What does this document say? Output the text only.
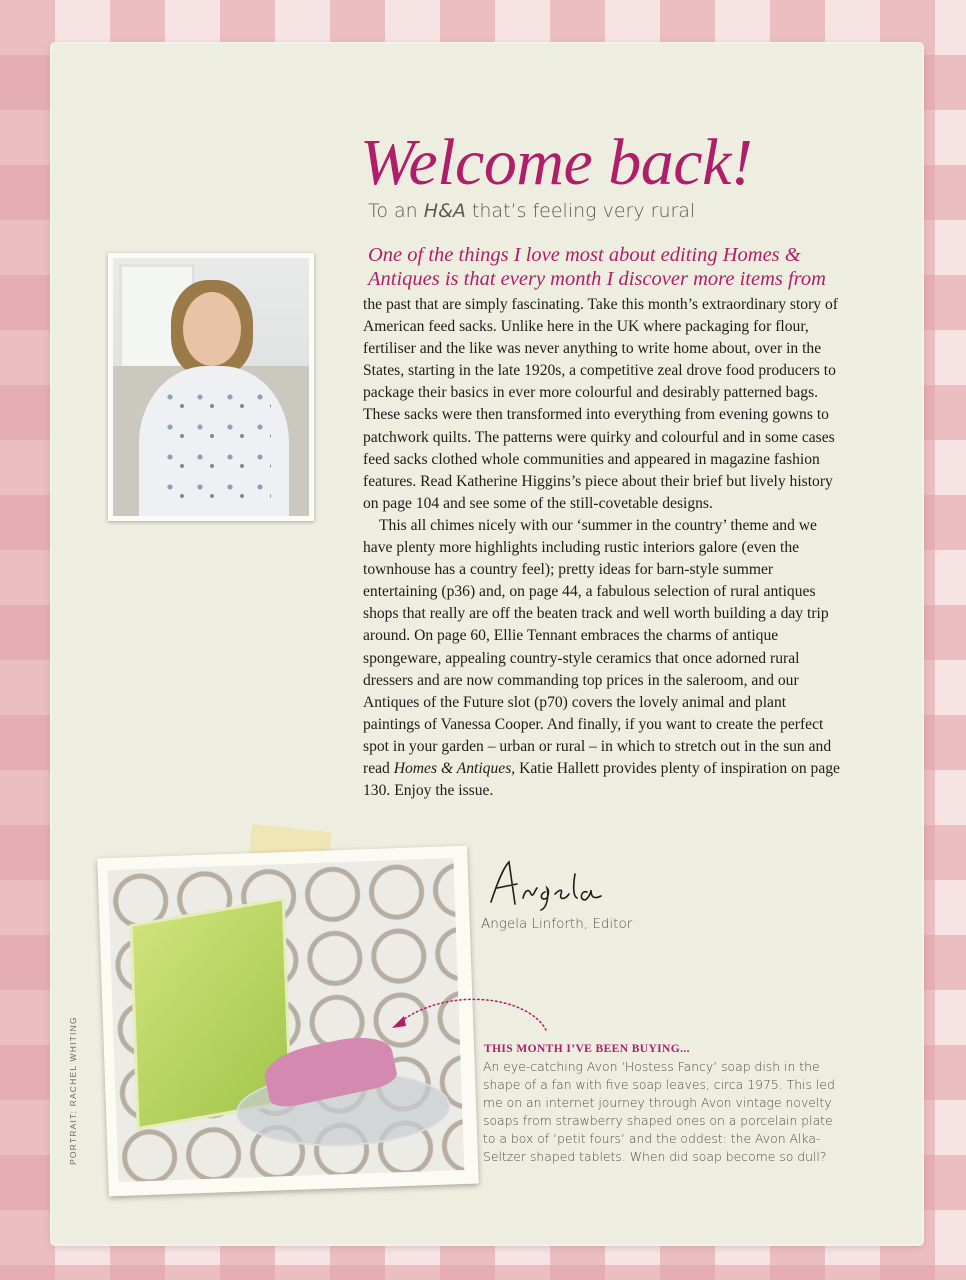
Welcome back!

To an H&A that’s feeling very rural

One of the things I love most about editing Homes & Antiques is that every month I discover more items from

the past that are simply fascinating. Take this month’s extraordinary story of American feed sacks. Unlike here in the UK where packaging for flour, fertiliser and the like was never anything to write home about, over in the States, starting in the late 1920s, a competitive zeal drove food producers to package their basics in ever more colourful and desirably patterned bags. These sacks were then transformed into everything from evening gowns to patchwork quilts. The patterns were quirky and colourful and in some cases feed sacks clothed whole communities and appeared in magazine fashion features. Read Katherine Higgins’s piece about their brief but lively history on page 104 and see some of the still-covetable designs.

This all chimes nicely with our ‘summer in the country’ theme and we have plenty more highlights including rustic interiors galore (even the townhouse has a country feel); pretty ideas for barn-style summer entertaining (p36) and, on page 44, a fabulous selection of rural antiques shops that really are off the beaten track and well worth building a day trip around. On page 60, Ellie Tennant embraces the charms of antique spongeware, appealing country-style ceramics that once adorned rural dressers and are now commanding top prices in the saleroom, and our Antiques of the Future slot (p70) covers the lovely animal and plant paintings of Vanessa Cooper. And finally, if you want to create the perfect spot in your garden – urban or rural – in which to stretch out in the sun and read Homes & Antiques, Katie Hallett provides plenty of inspiration on page 130. Enjoy the issue.

Angela Linforth, Editor

PORTRAIT: RACHEL WHITING	THIS MONTH I’VE BEEN BUYING...

An eye-catching Avon ‘Hostess Fancy’ soap dish in the shape of a fan with five soap leaves, circa 1975. This led me on an internet journey through Avon vintage novelty soaps from strawberry shaped ones on a porcelain plate to a box of ‘petit fours’ and the oddest: the Avon Alka-Seltzer shaped tablets. When did soap become so dull?
